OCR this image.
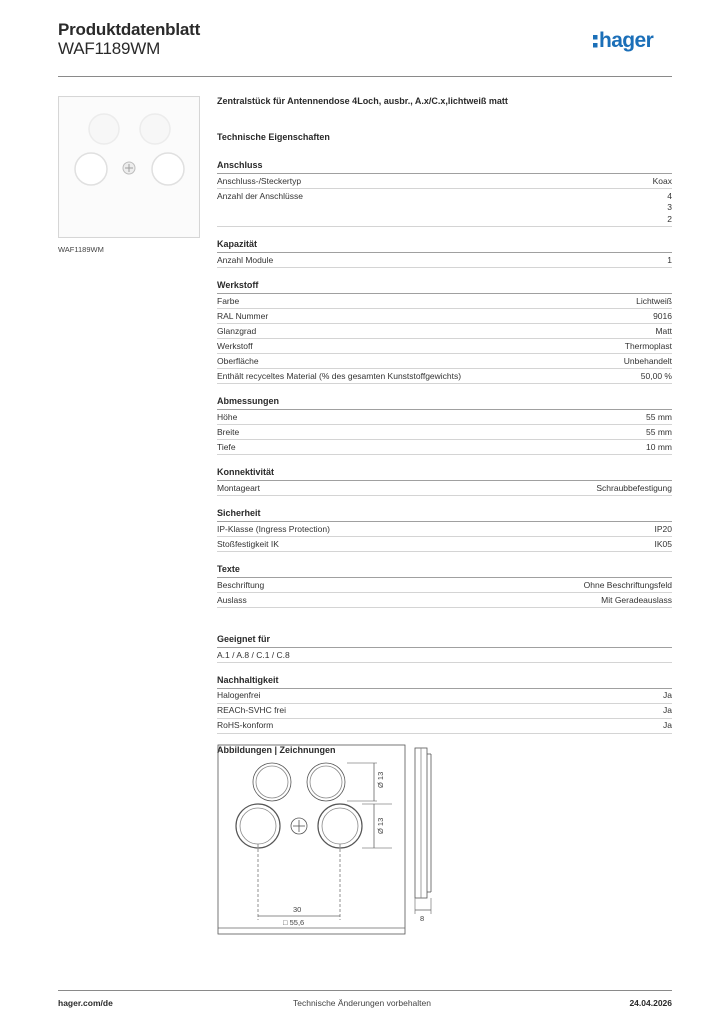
Produktdatenblatt
WAF1189WM	hager
WAF1189WM
Zentralstück für Antennendose 4Loch, ausbr., A.x/C.x,lichtweiß matt
Technische Eigenschaften
Anschluss
Anschluss-/Steckertyp	Koax
Anzahl der Anschlüsse	4
3
2
Kapazität
Anzahl Module	1
Werkstoff
Farbe	Lichtweiß
RAL Nummer	9016
Glanzgrad	Matt
Werkstoff	Thermoplast
Oberfläche	Unbehandelt
Enthält recyceltes Material (% des gesamten Kunststoffgewichts)	50,00 %
Abmessungen
Höhe	55 mm
Breite	55 mm
Tiefe	10 mm
Konnektivität
Montageart	Schraubbefestigung
Sicherheit
IP-Klasse (Ingress Protection)	IP20
Stoßfestigkeit IK	IK05
Texte
Beschriftung	Ohne Beschriftungsfeld
Auslass	Mit Geradeauslass
Geeignet für
A.1 / A.8 / C.1 / C.8
Nachhaltigkeit
Halogenfrei	Ja
REACh-SVHC frei	Ja
RoHS-konform	Ja
Abbildungen | Zeichnungen
Ø 13
Ø 13
30
□ 55,6	8
hager.com/de	Technische Änderungen vorbehalten	24.04.2026
